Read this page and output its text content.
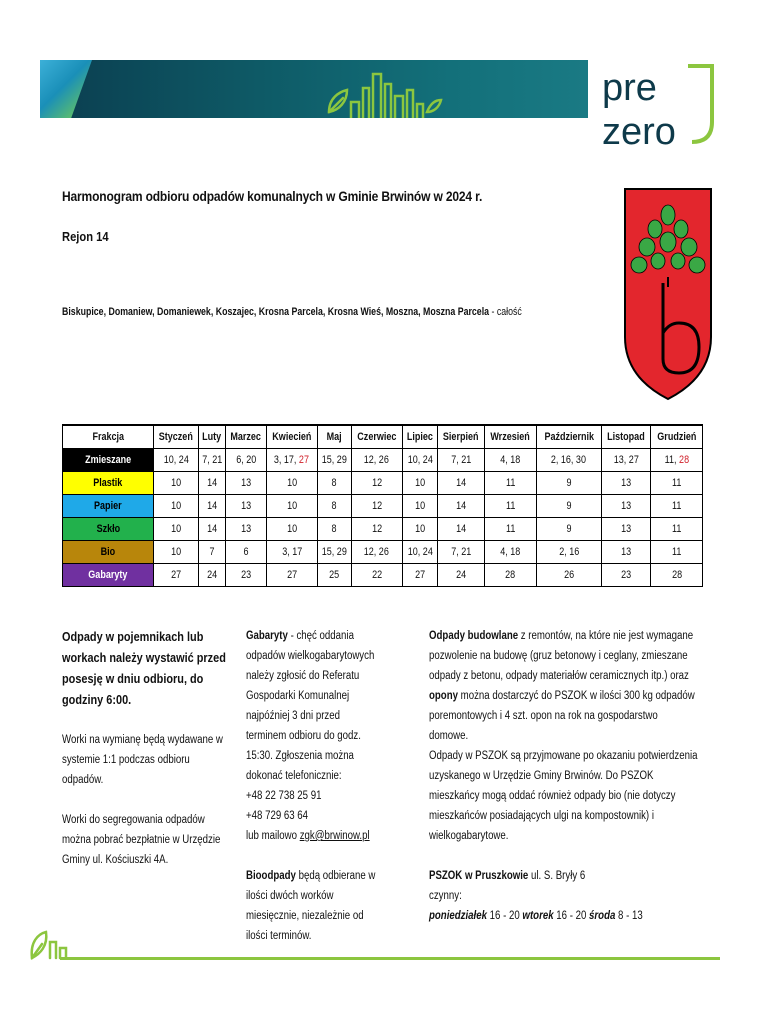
pre
zero
Harmonogram odbioru odpadów komunalnych w Gminie Brwinów w 2024 r.
Rejon 14
Biskupice, Domaniew, Domaniewek, Koszajec, Krosna Parcela, Krosna Wieś, Moszna, Moszna Parcela - całość
Frakcja	Styczeń	Luty	Marzec	Kwiecień	Maj	Czerwiec	Lipiec	Sierpień	Wrzesień	Październik	Listopad	Grudzień
Zmieszane	10, 24	7, 21	6, 20	3, 17, 27	15, 29	12, 26	10, 24	7, 21	4, 18	2, 16, 30	13, 27	11, 28
Plastik	10	14	13	10	8	12	10	14	11	9	13	11
Papier	10	14	13	10	8	12	10	14	11	9	13	11
Szkło	10	14	13	10	8	12	10	14	11	9	13	11
Bio	10	7	6	3, 17	15, 29	12, 26	10, 24	7, 21	4, 18	2, 16	13	11
Gabaryty	27	24	23	27	25	22	27	24	28	26	23	28

Odpady w pojemnikach lub workach należy wystawić przed posesję w dniu odbioru, do godziny 6:00.

Worki na wymianę będą wydawane w systemie 1:1 podczas odbioru odpadów.

Worki do segregowania odpadów można pobrać bezpłatnie w Urzędzie Gminy ul. Kościuszki 4A.

Gabaryty - chęć oddania odpadów wielkogabarytowych należy zgłosić do Referatu Gospodarki Komunalnej najpóźniej 3 dni przed terminem odbioru do godz. 15:30. Zgłoszenia można dokonać telefonicznie:
+48 22 738 25 91
+48 729 63 64
lub mailowo zgk@brwinow.pl
Bioodpady będą odbierane w ilości dwóch worków miesięcznie, niezależnie od ilości terminów.
Odpady budowlane z remontów, na które nie jest wymagane pozwolenie na budowę (gruz betonowy i ceglany, zmieszane odpady z betonu, odpady materiałów ceramicznych itp.) oraz opony można dostarczyć do PSZOK w ilości 300 kg odpadów poremontowych i 4 szt. opon na rok na gospodarstwo domowe.
Odpady w PSZOK są przyjmowane po okazaniu potwierdzenia uzyskanego w Urzędzie Gminy Brwinów. Do PSZOK mieszkańcy mogą oddać również odpady bio (nie dotyczy mieszkańców posiadających ulgi na kompostownik) i wielkogabarytowe.
PSZOK w Pruszkowie ul. S. Bryły 6
czynny:
poniedziałek 16 - 20 wtorek 16 - 20 środa 8 - 13
